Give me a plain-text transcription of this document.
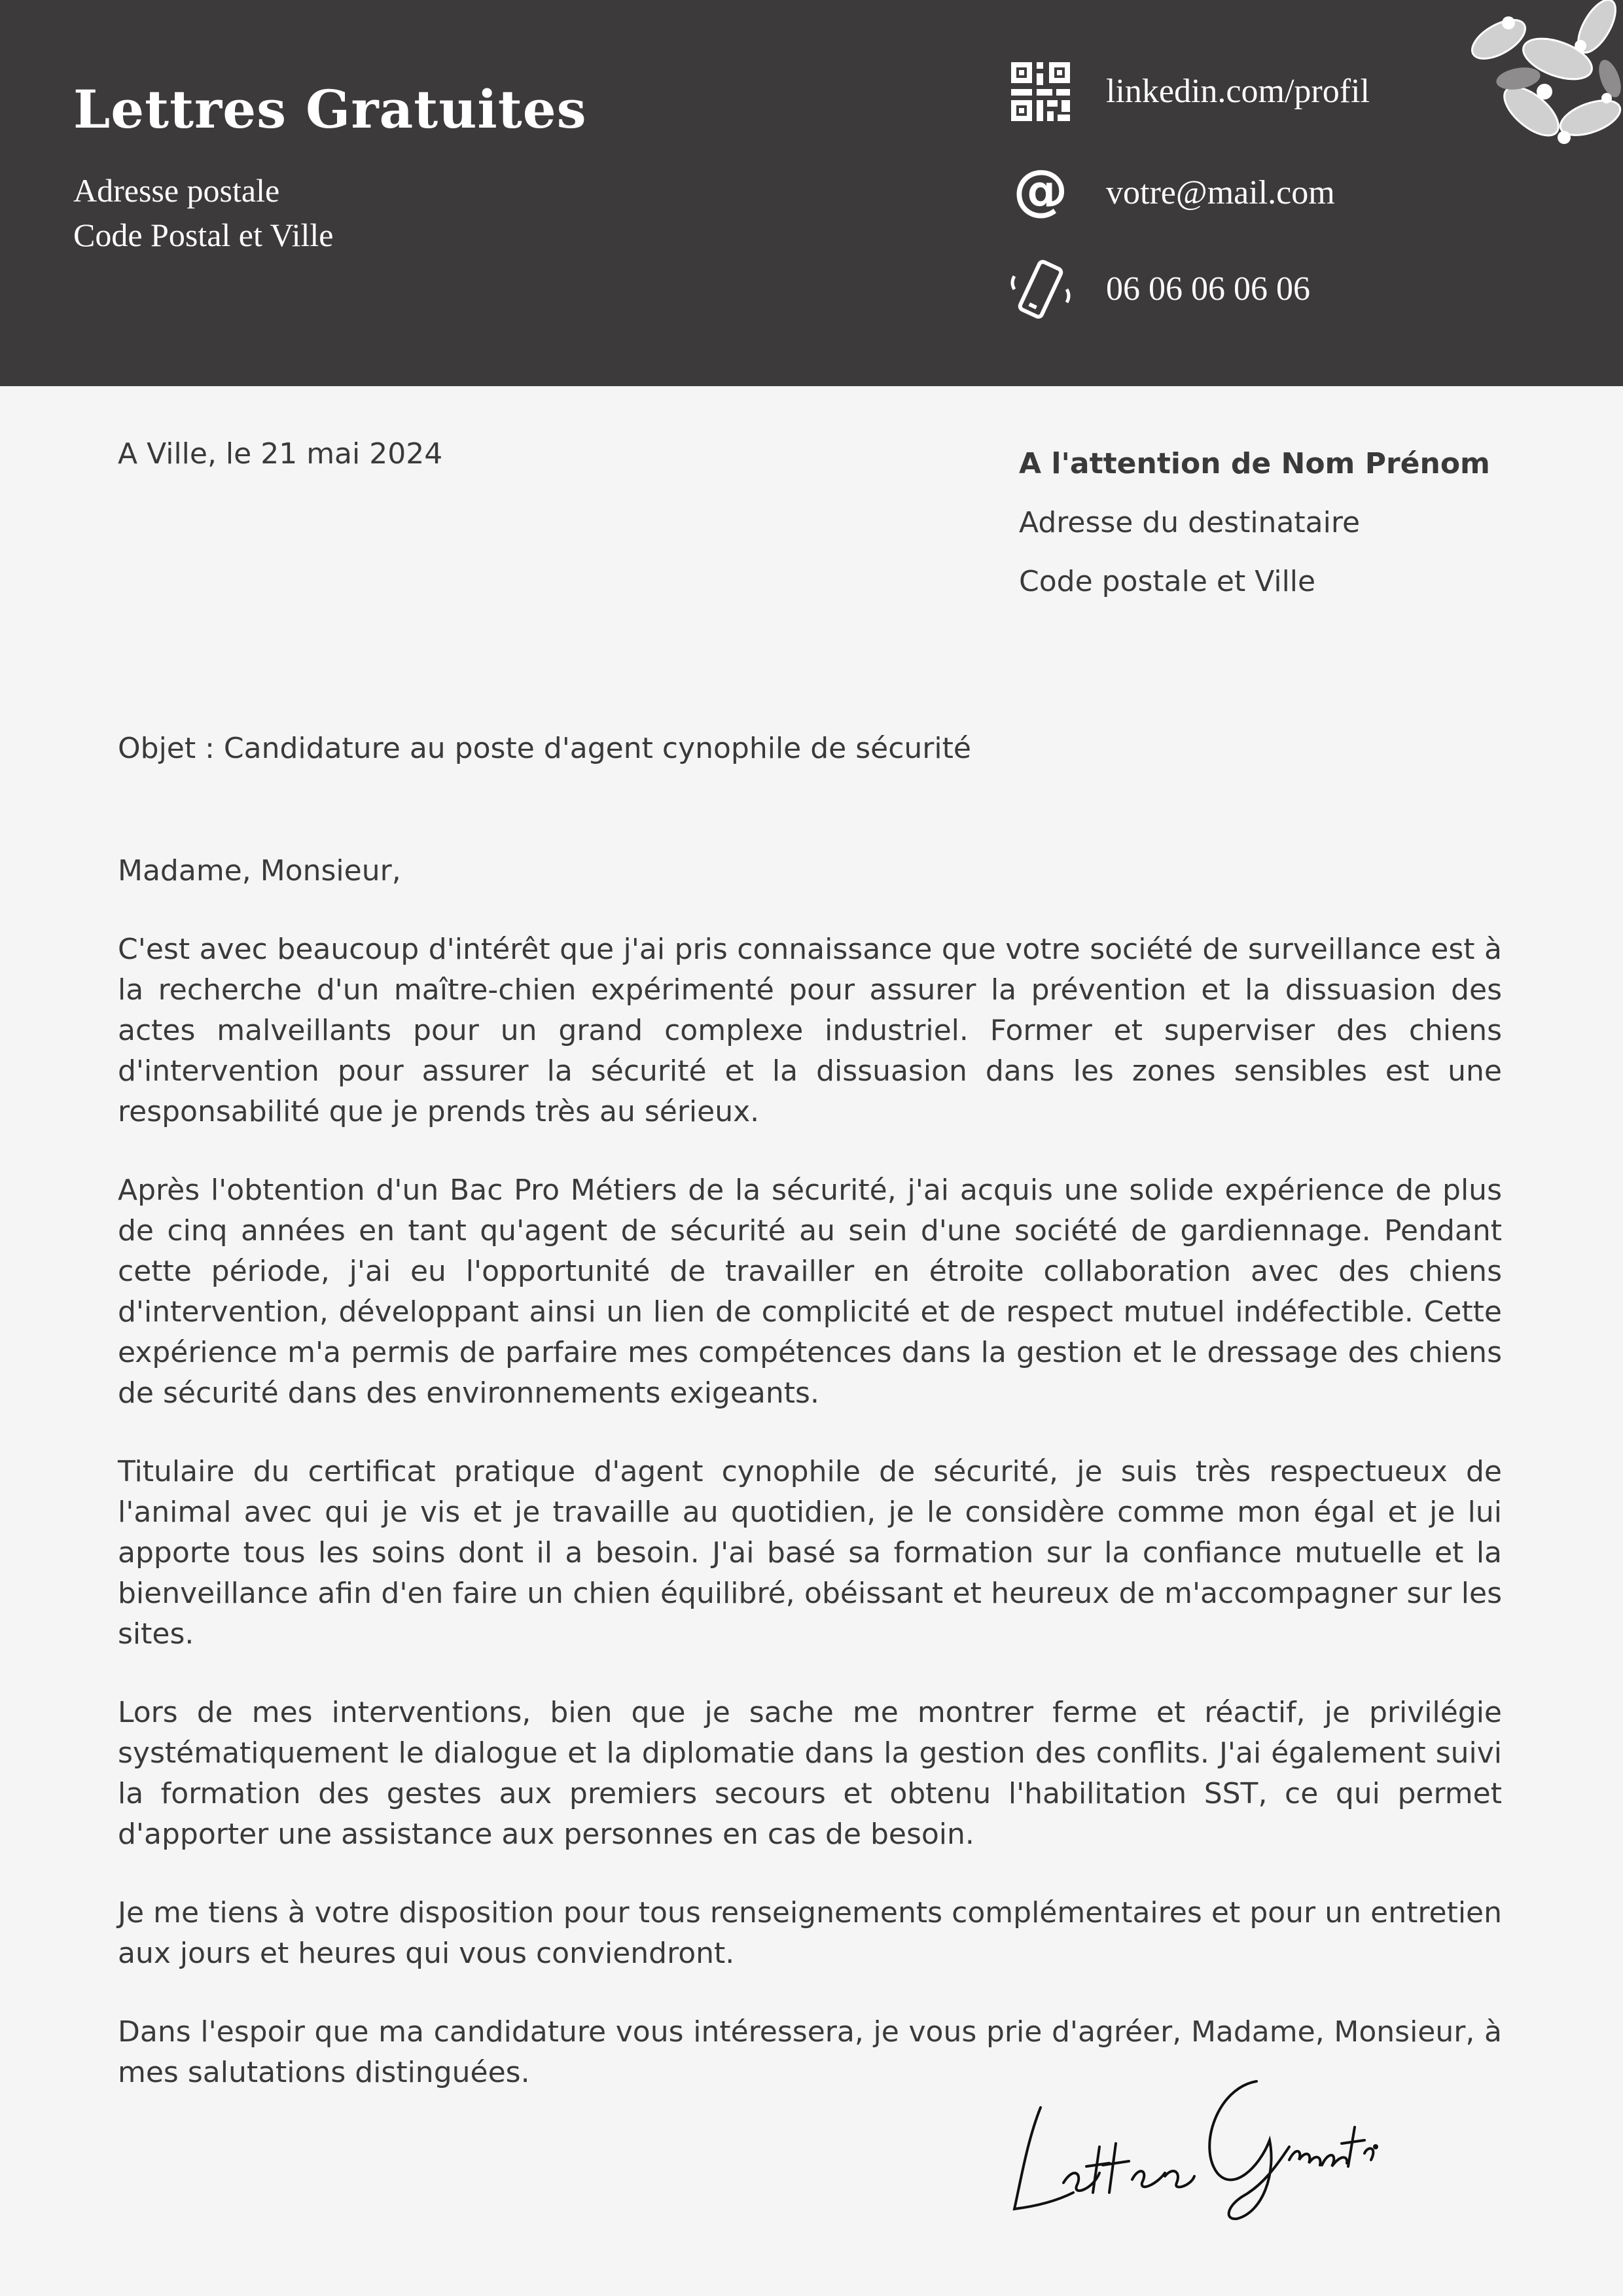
Lettres Gratuites
Adresse postale
Code Postal et Ville
linkedin.com/profil
@ votre@mail.com
06 06 06 06 06
A Ville, le 21 mai 2024	A l'attention de Nom Prénom
Adresse du destinataire
Code postale et Ville
Objet : Candidature au poste d'agent cynophile de sécurité

Madame, Monsieur,

C'est avec beaucoup d'intérêt que j'ai pris connaissance que votre société de surveillance est à la recherche d'un maître-chien expérimenté pour assurer la prévention et la dissuasion des actes malveillants pour un grand complexe industriel. Former et superviser des chiens d'intervention pour assurer la sécurité et la dissuasion dans les zones sensibles est une responsabilité que je prends très au sérieux.

Après l'obtention d'un Bac Pro Métiers de la sécurité, j'ai acquis une solide expérience de plus de cinq années en tant qu'agent de sécurité au sein d'une société de gardiennage. Pendant cette période, j'ai eu l'opportunité de travailler en étroite collaboration avec des chiens d'intervention, développant ainsi un lien de complicité et de respect mutuel indéfectible. Cette expérience m'a permis de parfaire mes compétences dans la gestion et le dressage des chiens de sécurité dans des environnements exigeants.

Titulaire du certificat pratique d'agent cynophile de sécurité, je suis très respectueux de l'animal avec qui je vis et je travaille au quotidien, je le considère comme mon égal et je lui apporte tous les soins dont il a besoin. J'ai basé sa formation sur la confiance mutuelle et la bienveillance afin d'en faire un chien équilibré, obéissant et heureux de m'accompagner sur les sites.

Lors de mes interventions, bien que je sache me montrer ferme et réactif, je privilégie systématiquement le dialogue et la diplomatie dans la gestion des conflits. J'ai également suivi la formation des gestes aux premiers secours et obtenu l'habilitation SST, ce qui permet d'apporter une assistance aux personnes en cas de besoin.

Je me tiens à votre disposition pour tous renseignements complémentaires et pour un entretien aux jours et heures qui vous conviendront.

Dans l'espoir que ma candidature vous intéressera, je vous prie d'agréer, Madame, Monsieur, à mes salutations distinguées.
